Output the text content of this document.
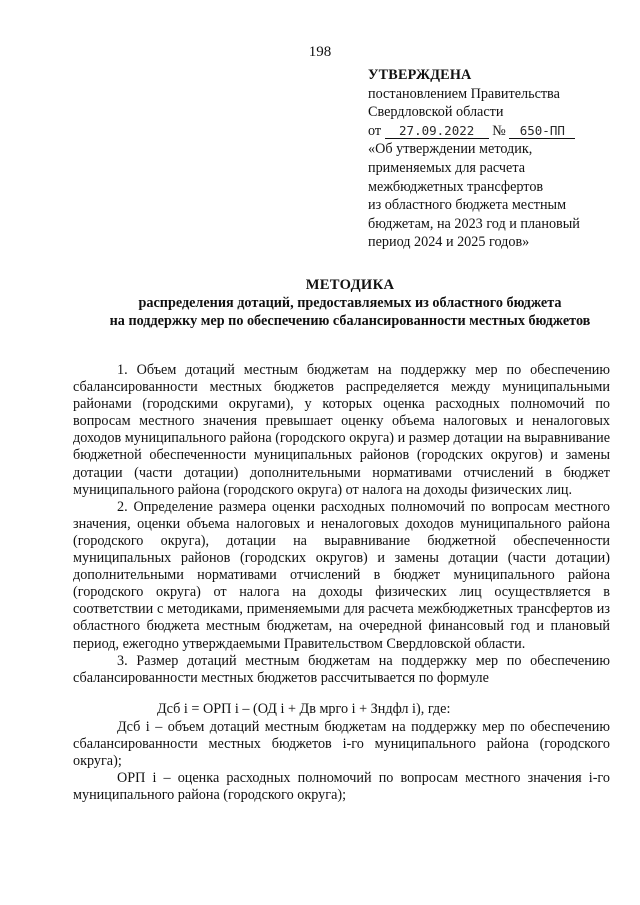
198
УТВЕРЖДЕНА
постановлением Правительства
Свердловской области
от 27.09.2022 № 650-ПП
«Об утверждении методик,
применяемых для расчета
межбюджетных трансфертов
из областного бюджета местным
бюджетам, на 2023 год и плановый
период 2024 и 2025 годов»
МЕТОДИКА
распределения дотаций, предоставляемых из областного бюджета
на поддержку мер по обеспечению сбалансированности местных бюджетов

1. Объем дотаций местным бюджетам на поддержку мер по обеспечению сбалансированности местных бюджетов распределяется между муниципальными районами (городскими округами), у которых оценка расходных полномочий по вопросам местного значения превышает оценку объема налоговых и неналоговых доходов муниципального района (городского округа) и размер дотации на выравнивание бюджетной обеспеченности муниципальных районов (городских округов) и замены дотации (части дотации) дополнительными нормативами отчислений в бюджет муниципального района (городского округа) от налога на доходы физических лиц.

2. Определение размера оценки расходных полномочий по вопросам местного значения, оценки объема налоговых и неналоговых доходов муниципального района (городского округа), дотации на выравнивание бюджетной обеспеченности муниципальных районов (городских округов) и замены дотации (части дотации) дополнительными нормативами отчислений в бюджет муниципального района (городского округа) от налога на доходы физических лиц осуществляется в соответствии с методиками, применяемыми для расчета межбюджетных трансфертов из областного бюджета местным бюджетам, на очередной финансовый год и плановый период, ежегодно утверждаемыми Правительством Свердловской области.

3. Размер дотаций местным бюджетам на поддержку мер по обеспечению сбалансированности местных бюджетов рассчитывается по формуле

Дсб i = ОРП i – (ОД i + Дв мрго i + Зндфл i), где:

Дсб i – объем дотаций местным бюджетам на поддержку мер по обеспечению сбалансированности местных бюджетов i-го муниципального района (городского округа);

ОРП i – оценка расходных полномочий по вопросам местного значения i-го муниципального района (городского округа);
